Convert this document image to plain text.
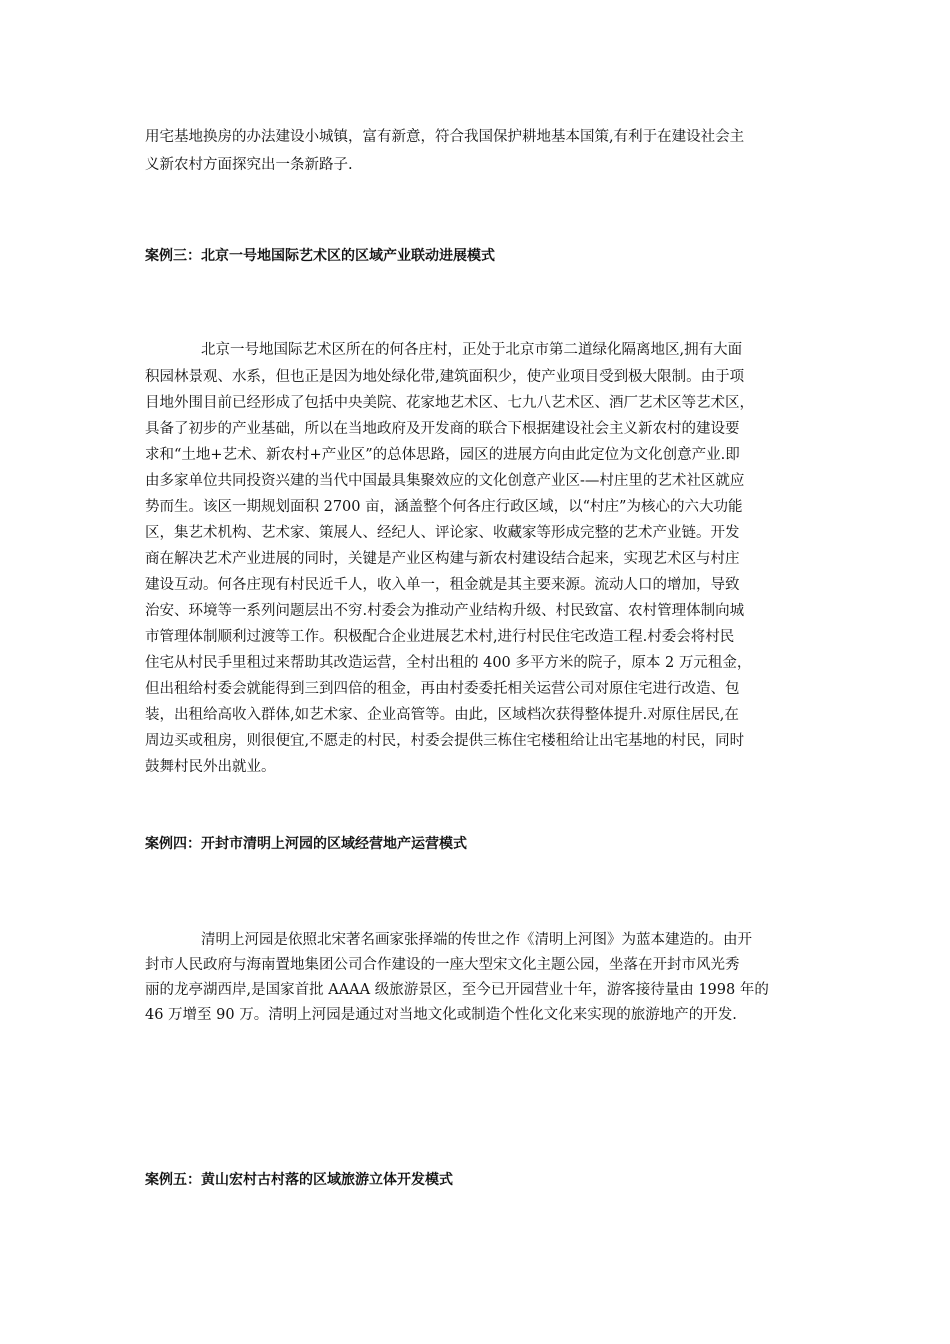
用宅基地换房的办法建设小城镇，富有新意，符合我国保护耕地基本国策,有利于在建设社会主
义新农村方面探究出一条新路子.
案例三：北京一号地国际艺术区的区域产业联动进展模式
北京一号地国际艺术区所在的何各庄村，正处于北京市第二道绿化隔离地区,拥有大面
积园林景观、水系，但也正是因为地处绿化带,建筑面积少，使产业项目受到极大限制。由于项
目地外围目前已经形成了包括中央美院、花家地艺术区、七九八艺术区、酒厂艺术区等艺术区，
具备了初步的产业基础，所以在当地政府及开发商的联合下根据建设社会主义新农村的建设要
求和“土地+艺术、新农村+产业区”的总体思路，园区的进展方向由此定位为文化创意产业.即
由多家单位共同投资兴建的当代中国最具集聚效应的文化创意产业区-—村庄里的艺术社区就应
势而生。该区一期规划面积 2700 亩，涵盖整个何各庄行政区域，以“村庄”为核心的六大功能
区，集艺术机构、艺术家、策展人、经纪人、评论家、收藏家等形成完整的艺术产业链。开发
商在解决艺术产业进展的同时，关键是产业区构建与新农村建设结合起来，实现艺术区与村庄
建设互动。何各庄现有村民近千人，收入单一，租金就是其主要来源。流动人口的增加，导致
治安、环境等一系列问题层出不穷.村委会为推动产业结构升级、村民致富、农村管理体制向城
市管理体制顺利过渡等工作。积极配合企业进展艺术村,进行村民住宅改造工程.村委会将村民
住宅从村民手里租过来帮助其改造运营，全村出租的 400 多平方米的院子，原本 2 万元租金，
但出租给村委会就能得到三到四倍的租金，再由村委委托相关运营公司对原住宅进行改造、包
装，出租给高收入群体,如艺术家、企业高管等。由此，区域档次获得整体提升.对原住居民,在
周边买或租房，则很便宜,不愿走的村民，村委会提供三栋住宅楼租给让出宅基地的村民，同时
鼓舞村民外出就业。
案例四：开封市清明上河园的区域经营地产运营模式
清明上河园是依照北宋著名画家张择端的传世之作《清明上河图》为蓝本建造的。由开
封市人民政府与海南置地集团公司合作建设的一座大型宋文化主题公园，坐落在开封市风光秀
丽的龙亭湖西岸,是国家首批 AAAA 级旅游景区，至今已开园营业十年，游客接待量由 1998 年的
46 万增至 90 万。清明上河园是通过对当地文化或制造个性化文化来实现的旅游地产的开发.
案例五：黄山宏村古村落的区域旅游立体开发模式
